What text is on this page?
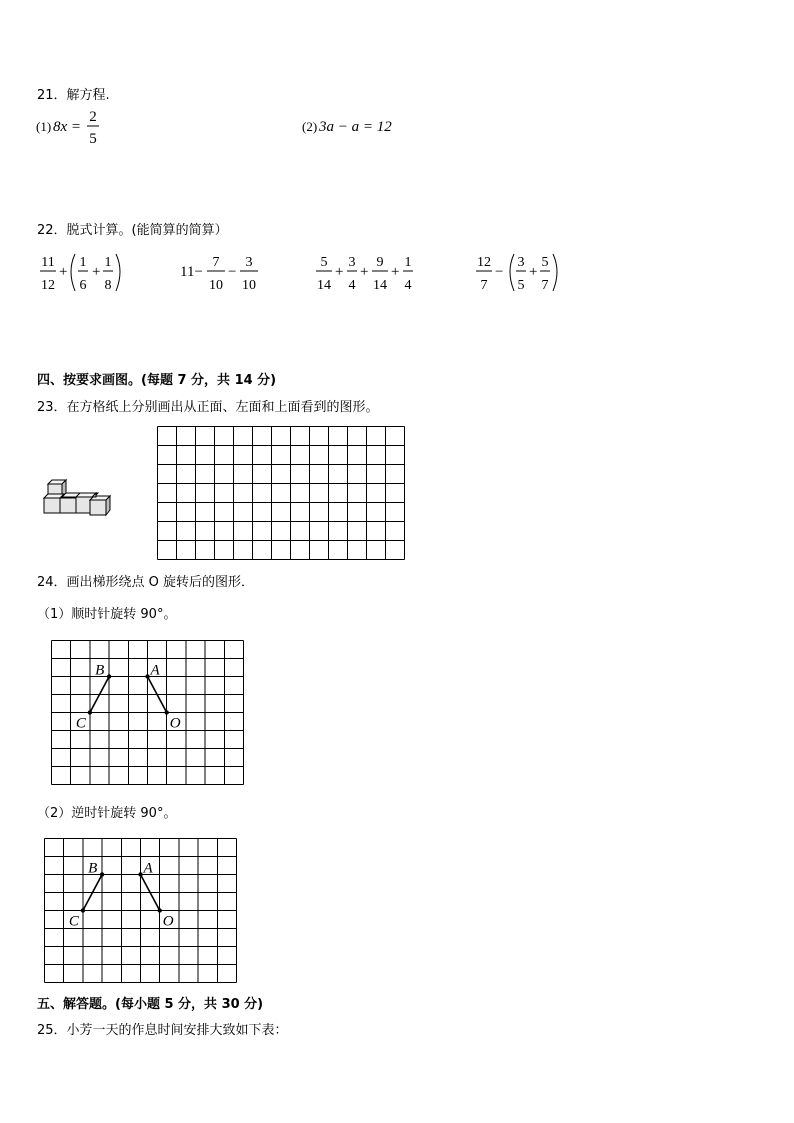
21．解方程.
(1) 8x =
2
5
(2) 3a − a = 12
22．脱式计算。(能简算的简算）
11
12
+
1
6
+
1
8
11−
7
10
−
3
10
5
14
+
3
4
+
9
14
+
1
4
12
7
−
3
5
+
5
7
四、按要求画图。(每题 7 分，共 14 分)
23．在方格纸上分别画出从正面、左面和上面看到的图形。
24．画出梯形绕点 O 旋转后的图形．
（1）顺时针旋转 90°。
B	A
C	O
（2）逆时针旋转 90°。
B	A
C	O
五、解答题。(每小题 5 分，共 30 分)
25．小芳一天的作息时间安排大致如下表：
